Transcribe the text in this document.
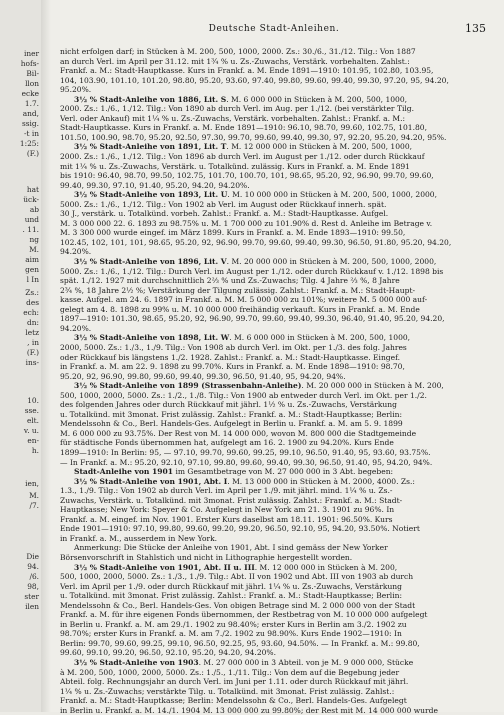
iner
hofs-
Bil-
llon
ecke
1.7.
and,
ssig.
-t in
1:25:
(F.)
hat
ück-
ab
und
. 11.
ng
M.
aim
gen
l In
Zs.:
des
ech:
dn:
letz
, in
(F.)
ins-
10.
sse.
elt.
v. u.
en-
h.
M.
/7.
Die
94.
/6.
98,
ster
ilen
ien,
Deutsche Stadt-Anleihen.	135
nicht erfolgen darf; in Stücken à M. 200, 500, 1000, 2000. Zs.: 30./6., 31./12. Tilg.: Von 1887
an durch Verl. im April per 31.12. mit 1¾ % u. Zs.-Zuwachs, Verstärk. vorbehalten. Zahlst.:
Frankf. a. M.: Stadt-Hauptkasse. Kurs in Frankf. a. M. Ende 1891—1910: 101.95, 102.80, 103.95,
104, 103.90, 101.10, 101.20, 98.80, 95.20, 93.60, 97.40, 99.80, 99.60, 99.40, 99.30, 97.20, 95, 94.20,
95.20%.
3½ % Stadt-Anleihe von 1886, Lit. S. M. 6 000 000 in Stücken à M. 200, 500, 1000,
2000. Zs.: 1./6., 1./12. Tilg.: Von 1890 ab durch Verl. im Aug. per 1./12. (bei verstärkter Tilg.
Verl. oder Ankauf) mit 1¼ % u. Zs.-Zuwachs, Verstärk. vorbehalten. Zahlst.: Frankf. a. M.:
Stadt-Hauptkasse. Kurs in Frankf. a. M. Ende 1891—1910: 96.10, 98.70, 99.60, 102.75, 101.80,
101.50, 100.90, 98.70, 95.20, 92.50, 97.30, 99.70, 99.60, 99.40, 99.30, 97, 92.20, 95.20, 94.20, 95%.
3½ % Stadt-Anleihe von 1891, Lit. T. M. 12 000 000 in Stücken à M. 200, 500, 1000,
2000. Zs.: 1./6., 1./12. Tilg.: Von 1896 ab durch Verl. im August per 1./12. oder durch Rückkauf
mit 1¼ % u. Zs.-Zuwachs, Verstärk. u. Totalkünd. zulässig. Kurs in Frankf. a. M. Ende 1891
bis 1910: 96.40, 98.70, 99.50, 102.75, 101.70, 100.70, 101, 98.65, 95.20, 92, 96.90, 99.70, 99.60,
99.40, 99.30, 97.10, 91.40, 95.20, 94.20, 94.20%.
3½ % Stadt-Anleihe von 1893, Lit. U. M. 10 000 000 in Stücken à M. 200, 500, 1000, 2000,
5000. Zs.: 1./6., 1./12. Tilg.: Von 1902 ab Verl. im August oder Rückkauf innerh. spät.
30 J., verstärk. u. Totalkünd. vorbeh. Zahlst.: Frankf. a. M.: Stadt-Hauptkasse. Aufgel.
M. 3 000 000 22. 6. 1893 zu 98.75% u. M. 1 700 000 zu 101.90% d. Rest d. Anleihe im Betrage v.
M. 3 300 000 wurde eingef. im März 1899. Kurs in Frankf. a. M. Ende 1893—1910: 99.50,
102.45, 102, 101, 101, 98.65, 95.20, 92, 96.90, 99.70, 99.60, 99.40, 99.30, 96.50, 91.80, 95.20, 94.20,
94.20%.
3½ % Stadt-Anleihe von 1896, Lit. V. M. 20 000 000 in Stücken à M. 200, 500, 1000, 2000,
5000. Zs.: 1./6., 1./12. Tilg.: Durch Verl. im August per 1./12. oder durch Rückkauf v. 1./12. 1898 bis
spät. 1./12. 1927 mit durchschnittlich 2⅔ % und Zs.-Zuwachs; Tilg. 4 Jahre ⅔ %, 8 Jahre
2¾ %, 18 Jahre 2½ %; Verstärkung der Tilgung zulässig. Zahlst.: Frankf. a. M.: Stadt-Haupt-
kasse. Aufgel. am 24. 6. 1897 in Frankf. a. M. M. 5 000 000 zu 101%; weitere M. 5 000 000 auf-
gelegt am 4. 8. 1898 zu 99% u. M. 10 000 000 freihändig verkauft. Kurs in Frankf. a. M. Ende
1897—1910: 101.30, 98.65, 95.20, 92, 96.90, 99.70, 99.60, 99.40, 99.30, 96.40, 91.40, 95.20, 94.20,
94.20%.
3½ % Stadt-Anleihe von 1898, Lit. W. M. 6 000 000 in Stücken à M. 200, 500, 1000,
2000, 5000. Zs.: 1./3., 1./9. Tilg.: Von 1908 ab durch Verl. im Okt. per 1./3. des folg. Jahres
oder Rückkauf bis längstens 1./2. 1928. Zahlst.: Frankf. a. M.: Stadt-Hauptkasse. Eingef.
in Frankf. a. M. am 22. 9. 1898 zu 99.70%. Kurs in Frankf. a. M. Ende 1898—1910: 98.70,
95.20, 92, 96.90, 99.80, 99.60, 99.40, 99.30, 96.50, 91.40, 95, 94.20, 94%.
3½ % Stadt-Anleihe von 1899 (Strassenbahn-Anleihe). M. 20 000 000 in Stücken à M. 200,
500, 1000, 2000, 5000. Zs.: 1./2., 1./8. Tilg.: Von 1900 ab entweder durch Verl. im Okt. per 1./2.
des folgenden Jahres oder durch Rückkauf mit jährl. 1½ % u. Zs.-Zuwachs, Verstärkung
u. Totalkünd. mit 3monat. Frist zulässig. Zahlst.: Frankf. a. M.: Stadt-Hauptkasse; Berlin:
Mendelssohn & Co., Berl. Handels-Ges. Aufgelegt in Berlin u. Frankf. a. M. am 5. 9. 1899
M. 6 000 000 zu 93.75%. Der Rest von M. 14 000 000, wovon M. 800 000 die Stadtgemeinde
für städtische Fonds übernommen hat, aufgelegt am 16. 2. 1900 zu 94.20%. Kurs Ende
1899—1910: In Berlin: 95, — 97.10, 99.70, 99.60, 99.25, 99.10, 96.50, 91.40, 95, 93.60, 93.75%.
— In Frankf. a. M.: 95.20, 92.10, 97.10, 99.80, 99.60, 99.40, 99.30, 96.50, 91.40, 95, 94.20, 94%.
Stadt-Anleihe von 1901 im Gesamtbetrage von M. 27 000 000 in 3 Abt. begeben:
3½ % Stadt-Anleihe von 1901, Abt. I. M. 13 000 000 in Stücken à M. 2000, 4000. Zs.:
1.3., 1./9. Tilg.: Von 1902 ab durch Verl. im April per 1./9. mit jährl. mind. 1¼ % u. Zs.-
Zuwachs, Verstärk. u. Totalkünd. mit 3monat. Frist zulässig. Zahlst.: Frankf. a. M.: Stadt-
Hauptkasse; New York: Speyer & Co. Aufgelegt in New York am 21. 3. 1901 zu 96%. In
Frankf. a. M. eingef. im Nov. 1901. Erster Kurs daselbst am 18.11. 1901: 96.50%. Kurs
Ende 1901—1910: 97.10, 99.80, 99.60, 99.20, 99.20, 96.50, 92.10, 95, 94.20, 93.50%. Notiert
in Frankf. a. M., ausserdem in New York.
Anmerkung: Die Stücke der Anleihe von 1901, Abt. I sind gemäss der New Yorker
Börsenvorschrift in Stahlstich und nicht in Lithographie hergestellt worden.
3½ % Stadt-Anleihe von 1901, Abt. II u. III. M. 12 000 000 in Stücken à M. 200,
500, 1000, 2000, 5000. Zs.: 1./3., 1./9. Tilg.: Abt. II von 1902 und Abt. III von 1903 ab durch
Verl. im April per 1./9. oder durch Rückkauf mit jährl. 1¼ % u. Zs.-Zuwachs, Verstärkung
u. Totalkünd. mit 3monat. Frist zulässig. Zahlst.: Frankf. a. M.: Stadt-Hauptkasse; Berlin:
Mendelssohn & Co., Berl. Handels-Ges. Von obigen Betrage sind M. 2 000 000 von der Stadt
Frankf. a. M. für ihre eigenen Fonds übernommen, der Restbetrag von M. 10 000 000 aufgelegt
in Berlin u. Frankf. a. M. am 29./1. 1902 zu 98.40%; erster Kurs in Berlin am 3./2. 1902 zu
98.70%; erster Kurs in Frankf. a. M. am 7./2. 1902 zu 98.90%. Kurs Ende 1902—1910: In
Berlin: 99.70, 99.60, 99.25, 99.10, 96.50, 92.25, 95, 93.60, 94.50%. — In Frankf. a. M.: 99.80,
99.60, 99.10, 99.20, 96.50, 92.10, 95.20, 94.20, 94.20%.
3½ % Stadt-Anleihe von 1903. M. 27 000 000 in 3 Abteil. von je M. 9 000 000, Stücke
à M. 200, 500, 1000, 2000, 5000. Zs.: 1./5., 1./11. Tilg.: Von dem auf die Begebung jeder
Abteil. folg. Rechnungsjahr an durch Verl. im Juni per 1.11. oder durch Rückkauf mit jährl.
1¼ % u. Zs.-Zuwachs; verstärkte Tilg. u. Totalkünd. mit 3monat. Frist zulässig. Zahlst.:
Frankf. a. M.: Stadt-Hauptkasse; Berlin: Mendelssohn & Co., Berl. Handels-Ges. Aufgelegt
in Berlin u. Frankf. a. M. 14./1. 1904 M. 13 000 000 zu 99.80%; der Rest mit M. 14 000 000 wurde
